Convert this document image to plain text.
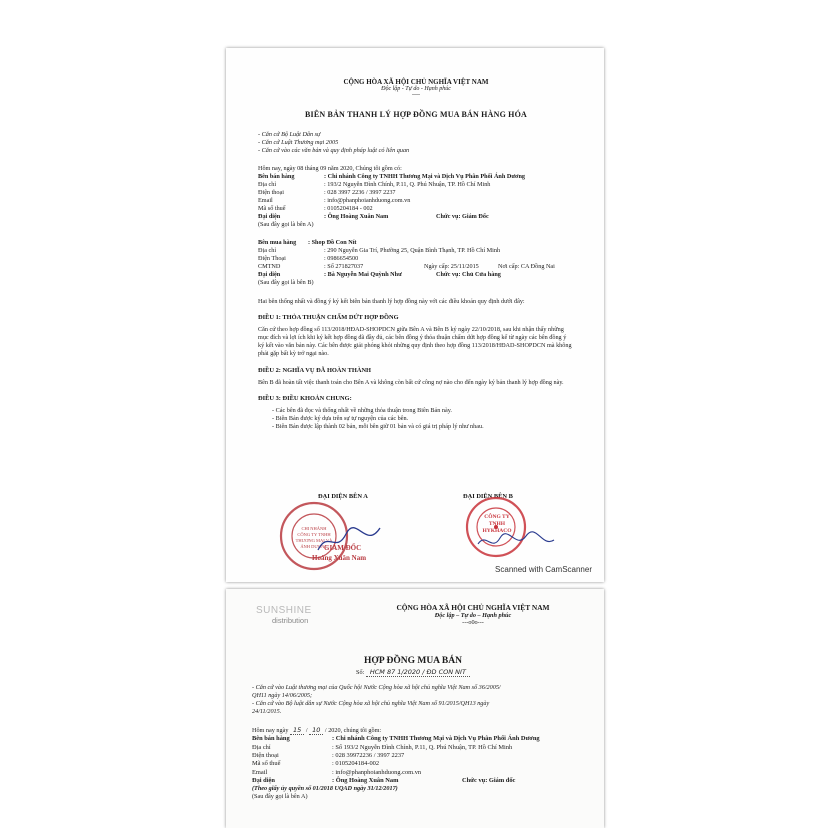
CỘNG HÒA XÃ HỘI CHỦ NGHĨA VIỆT NAM
Độc lập - Tự do - Hạnh phúc
----
BIÊN BẢN THANH LÝ HỢP ĐỒNG MUA BÁN HÀNG HÓA
- Căn cứ Bộ Luật Dân sự
- Căn cứ Luật Thương mại 2005
- Căn cứ vào các văn bản và quy định pháp luật có liên quan
Hôm nay, ngày 08 tháng 09 năm 2020, Chúng tôi gồm có:
Bên bán hàng	: Chi nhánh Công ty TNHH Thương Mại và Dịch Vụ Phân Phối Ánh Dương
Địa chỉ	: 193/2 Nguyễn Đình Chính, P.11, Q. Phú Nhuận, TP. Hồ Chí Minh
Điện thoại	: 028 3997 2236 / 3997 2237
Email	: info@phanphoianhduong.com.vn
Mã số thuế	: 0105204184 - 002
Đại diện	: Ông Hoàng Xuân Nam	Chức vụ: Giám Đốc
(Sau đây gọi là bên A)
Bên mua hàng	: Shop Đồ Con Nít
Địa chỉ	: 290 Nguyễn Gia Trí, Phường 25, Quận Bình Thạnh, TP. Hồ Chí Minh
Điện Thoại	: 0986654500
CMTND	: Số 271827037	Ngày cấp: 25/11/2015	Nơi cấp: CA Đồng Nai
Đại diện	: Bà Nguyễn Mai Quỳnh Như	Chức vụ: Chủ Cửa hàng
(Sau đây gọi là bên B)
Hai bên thống nhất và đồng ý ký kết biên bản thanh lý hợp đồng này với các điều khoản quy định dưới đây:
ĐIỀU 1: THỎA THUẬN CHẤM DỨT HỢP ĐỒNG
Căn cứ theo hợp đồng số 113/2018/HĐAD-SHOPDCN giữa Bên A và Bên B ký ngày 22/10/2018, sau khi nhận thấy những mục đích và lợi ích khi ký kết hợp đồng đã đầy đủ, các bên đồng ý thỏa thuận chấm dứt hợp đồng kể từ ngày các bên đồng ý ký kết vào văn bản này. Các bên được giải phóng khỏi những quy định theo hợp đồng 113/2018/HĐAD-SHOPDCN mà không phải gặp bất kỳ trở ngại nào.
ĐIỀU 2: NGHĨA VỤ ĐÃ HOÀN THÀNH
Bên B đã hoàn tất việc thanh toán cho Bên A và không còn bất cứ công nợ nào cho đến ngày ký bản thanh lý hợp đồng này.
ĐIỀU 3: ĐIỀU KHOẢN CHUNG:
- Các bên đã đọc và thống nhất về những thỏa thuận trong Biên Bản này.
- Biên Bản được ký dựa trên sự tự nguyện của các bên.
- Biên Bản được lập thành 02 bản, mỗi bên giữ 01 bản và có giá trị pháp lý như nhau.
ĐẠI DIỆN BÊN A	ĐẠI DIỆN BÊN B
CHI NHÁNH
CÔNG TY TNHH
THƯƠNG MẠI VÀ
ÁNH DƯƠNG
GIÁM ĐỐC
Hoàng Xuân Nam
CÔNG TY TNHH HYKHACO
Scanned with CamScanner
SUNSHINE
distribution
CỘNG HÒA XÃ HỘI CHỦ NGHĨA VIỆT NAM
Độc lập – Tự do – Hạnh phúc
---o0o---
HỢP ĐỒNG MUA BÁN
Số: HCM 87 1/2020 / ĐD CON NIT
- Căn cứ vào Luật thương mại của Quốc hội Nước Cộng hòa xã hội chủ nghĩa Việt Nam số 36/2005/
QH11 ngày 14/06/2005;
- Căn cứ vào Bộ luật dân sự Nước Cộng hòa xã hội chủ nghĩa Việt Nam số 91/2015/QH13 ngày
24/11/2015.
Hôm nay ngày 15 / 10 / 2020, chúng tôi gồm:
Bên bán hàng	: Chi nhánh Công ty TNHH Thương Mại và Dịch Vụ Phân Phối Ánh Dương
Địa chỉ	: Số 193/2 Nguyễn Đình Chính, P.11, Q. Phú Nhuận, TP. Hồ Chí Minh
Điện thoại	: 028 39972236 / 3997 2237
Mã số thuế	: 0105204184-002
Email	: info@phanphoianhduong.com.vn
Đại diện	: Ông Hoàng Xuân Nam	Chức vụ: Giám đốc
(Theo giấy ủy quyền số 01/2018 UQAD ngày 31/12/2017)
(Sau đây gọi là bên A)
